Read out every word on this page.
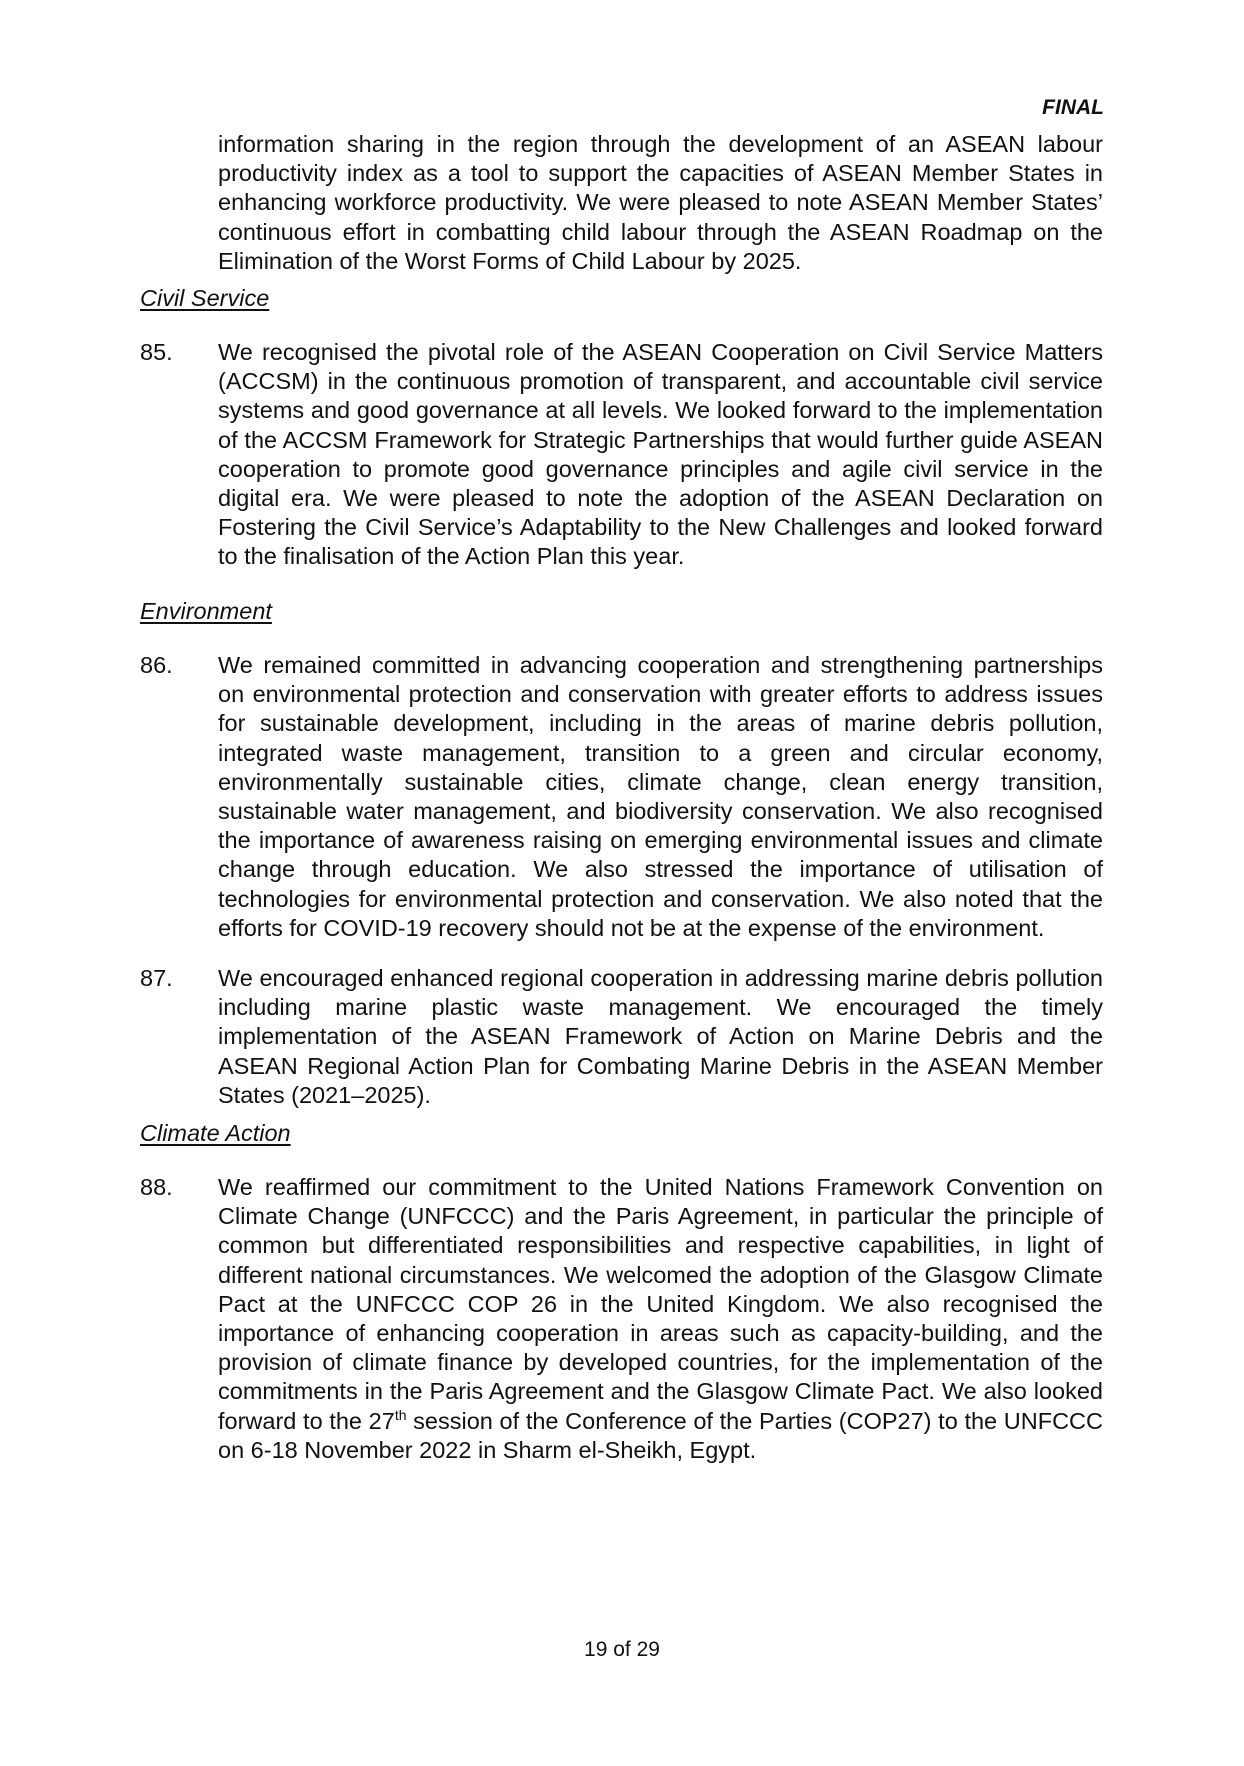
FINAL
information sharing in the region through the development of an ASEAN labour productivity index as a tool to support the capacities of ASEAN Member States in enhancing workforce productivity. We were pleased to note ASEAN Member States’ continuous effort in combatting child labour through the ASEAN Roadmap on the Elimination of the Worst Forms of Child Labour by 2025.
Civil Service
85. We recognised the pivotal role of the ASEAN Cooperation on Civil Service Matters (ACCSM) in the continuous promotion of transparent, and accountable civil service systems and good governance at all levels. We looked forward to the implementation of the ACCSM Framework for Strategic Partnerships that would further guide ASEAN cooperation to promote good governance principles and agile civil service in the digital era. We were pleased to note the adoption of the ASEAN Declaration on Fostering the Civil Service’s Adaptability to the New Challenges and looked forward to the finalisation of the Action Plan this year.
Environment
86. We remained committed in advancing cooperation and strengthening partnerships on environmental protection and conservation with greater efforts to address issues for sustainable development, including in the areas of marine debris pollution, integrated waste management, transition to a green and circular economy, environmentally sustainable cities, climate change, clean energy transition, sustainable water management, and biodiversity conservation. We also recognised the importance of awareness raising on emerging environmental issues and climate change through education. We also stressed the importance of utilisation of technologies for environmental protection and conservation. We also noted that the efforts for COVID-19 recovery should not be at the expense of the environment.
87. We encouraged enhanced regional cooperation in addressing marine debris pollution including marine plastic waste management. We encouraged the timely implementation of the ASEAN Framework of Action on Marine Debris and the ASEAN Regional Action Plan for Combating Marine Debris in the ASEAN Member States (2021–2025).
Climate Action
88. We reaffirmed our commitment to the United Nations Framework Convention on Climate Change (UNFCCC) and the Paris Agreement, in particular the principle of common but differentiated responsibilities and respective capabilities, in light of different national circumstances. We welcomed the adoption of the Glasgow Climate Pact at the UNFCCC COP 26 in the United Kingdom. We also recognised the importance of enhancing cooperation in areas such as capacity-building, and the provision of climate finance by developed countries, for the implementation of the commitments in the Paris Agreement and the Glasgow Climate Pact. We also looked forward to the 27th session of the Conference of the Parties (COP27) to the UNFCCC on 6-18 November 2022 in Sharm el-Sheikh, Egypt.
19 of 29
